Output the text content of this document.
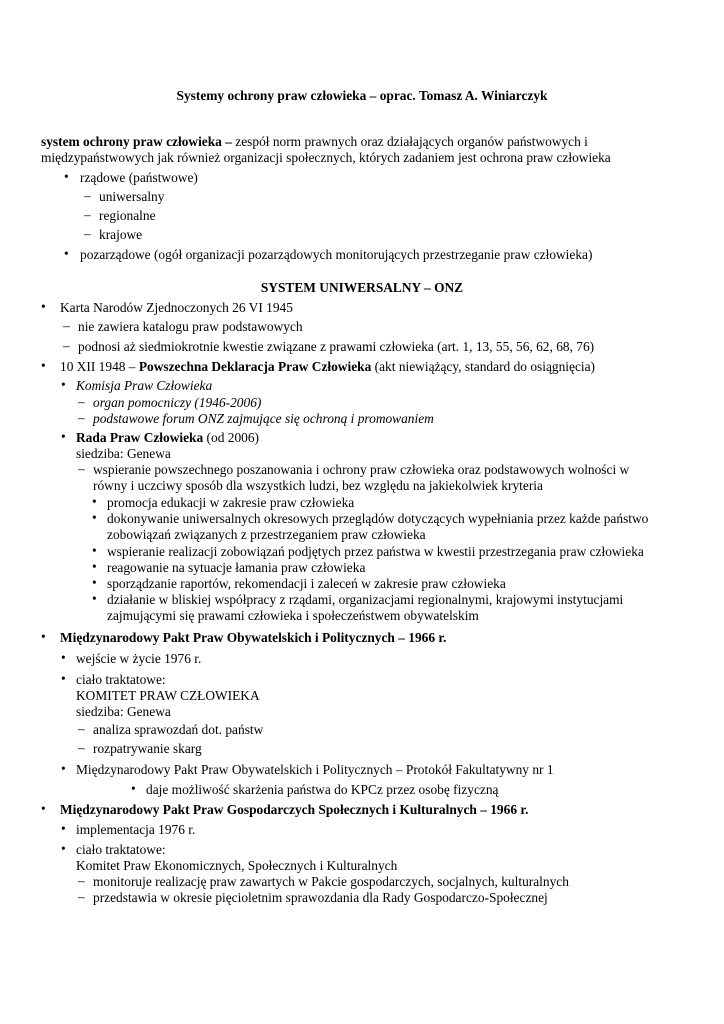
Systemy ochrony praw człowieka – oprac. Tomasz A. Winiarczyk
system ochrony praw człowieka – zespół norm prawnych oraz działających organów państwowych i
międzypaństwowych jak również organizacji społecznych, których zadaniem jest ochrona praw człowieka
•
rządowe (państwowe)
–
uniwersalny
–
regionalne
–
krajowe
•
pozarządowe (ogół organizacji pozarządowych monitorujących przestrzeganie praw człowieka)
SYSTEM UNIWERSALNY – ONZ
•
Karta Narodów Zjednoczonych 26 VI 1945
–
nie zawiera katalogu praw podstawowych
–
podnosi aż siedmiokrotnie kwestie związane z prawami człowieka (art. 1, 13, 55, 56, 62, 68, 76)
•
10 XII 1948 – Powszechna Deklaracja Praw Człowieka (akt niewiążący, standard do osiągnięcia)
•
Komisja Praw Człowieka
–
organ pomocniczy (1946-2006)
–
podstawowe forum ONZ zajmujące się ochroną i promowaniem
•
Rada Praw Człowieka (od 2006)
siedziba: Genewa
–
wspieranie powszechnego poszanowania i ochrony praw człowieka oraz podstawowych wolności w
równy i uczciwy sposób dla wszystkich ludzi, bez względu na jakiekolwiek kryteria
•
promocja edukacji w zakresie praw człowieka
•
dokonywanie uniwersalnych okresowych przeglądów dotyczących wypełniania przez każde państwo
zobowiązań związanych z przestrzeganiem praw człowieka
•
wspieranie realizacji zobowiązań podjętych przez państwa w kwestii przestrzegania praw człowieka
•
reagowanie na sytuacje łamania praw człowieka
•
sporządzanie raportów, rekomendacji i zaleceń w zakresie praw człowieka
•
działanie w bliskiej współpracy z rządami, organizacjami regionalnymi, krajowymi instytucjami
zajmującymi się prawami człowieka i społeczeństwem obywatelskim
•
Międzynarodowy Pakt Praw Obywatelskich i Politycznych – 1966 r.
•
wejście w życie 1976 r.
•
ciało traktatowe:
KOMITET PRAW CZŁOWIEKA
siedziba: Genewa
–
analiza sprawozdań dot. państw
–
rozpatrywanie skarg
•
Międzynarodowy Pakt Praw Obywatelskich i Politycznych – Protokół Fakultatywny nr 1
•
daje możliwość skarżenia państwa do KPCz przez osobę fizyczną
•
Międzynarodowy Pakt Praw Gospodarczych Społecznych i Kulturalnych – 1966 r.
•
implementacja 1976 r.
•
ciało traktatowe:
Komitet Praw Ekonomicznych, Społecznych i Kulturalnych
–
monitoruje realizację praw zawartych w Pakcie gospodarczych, socjalnych, kulturalnych
–
przedstawia w okresie pięcioletnim sprawozdania dla Rady Gospodarczo-Społecznej
